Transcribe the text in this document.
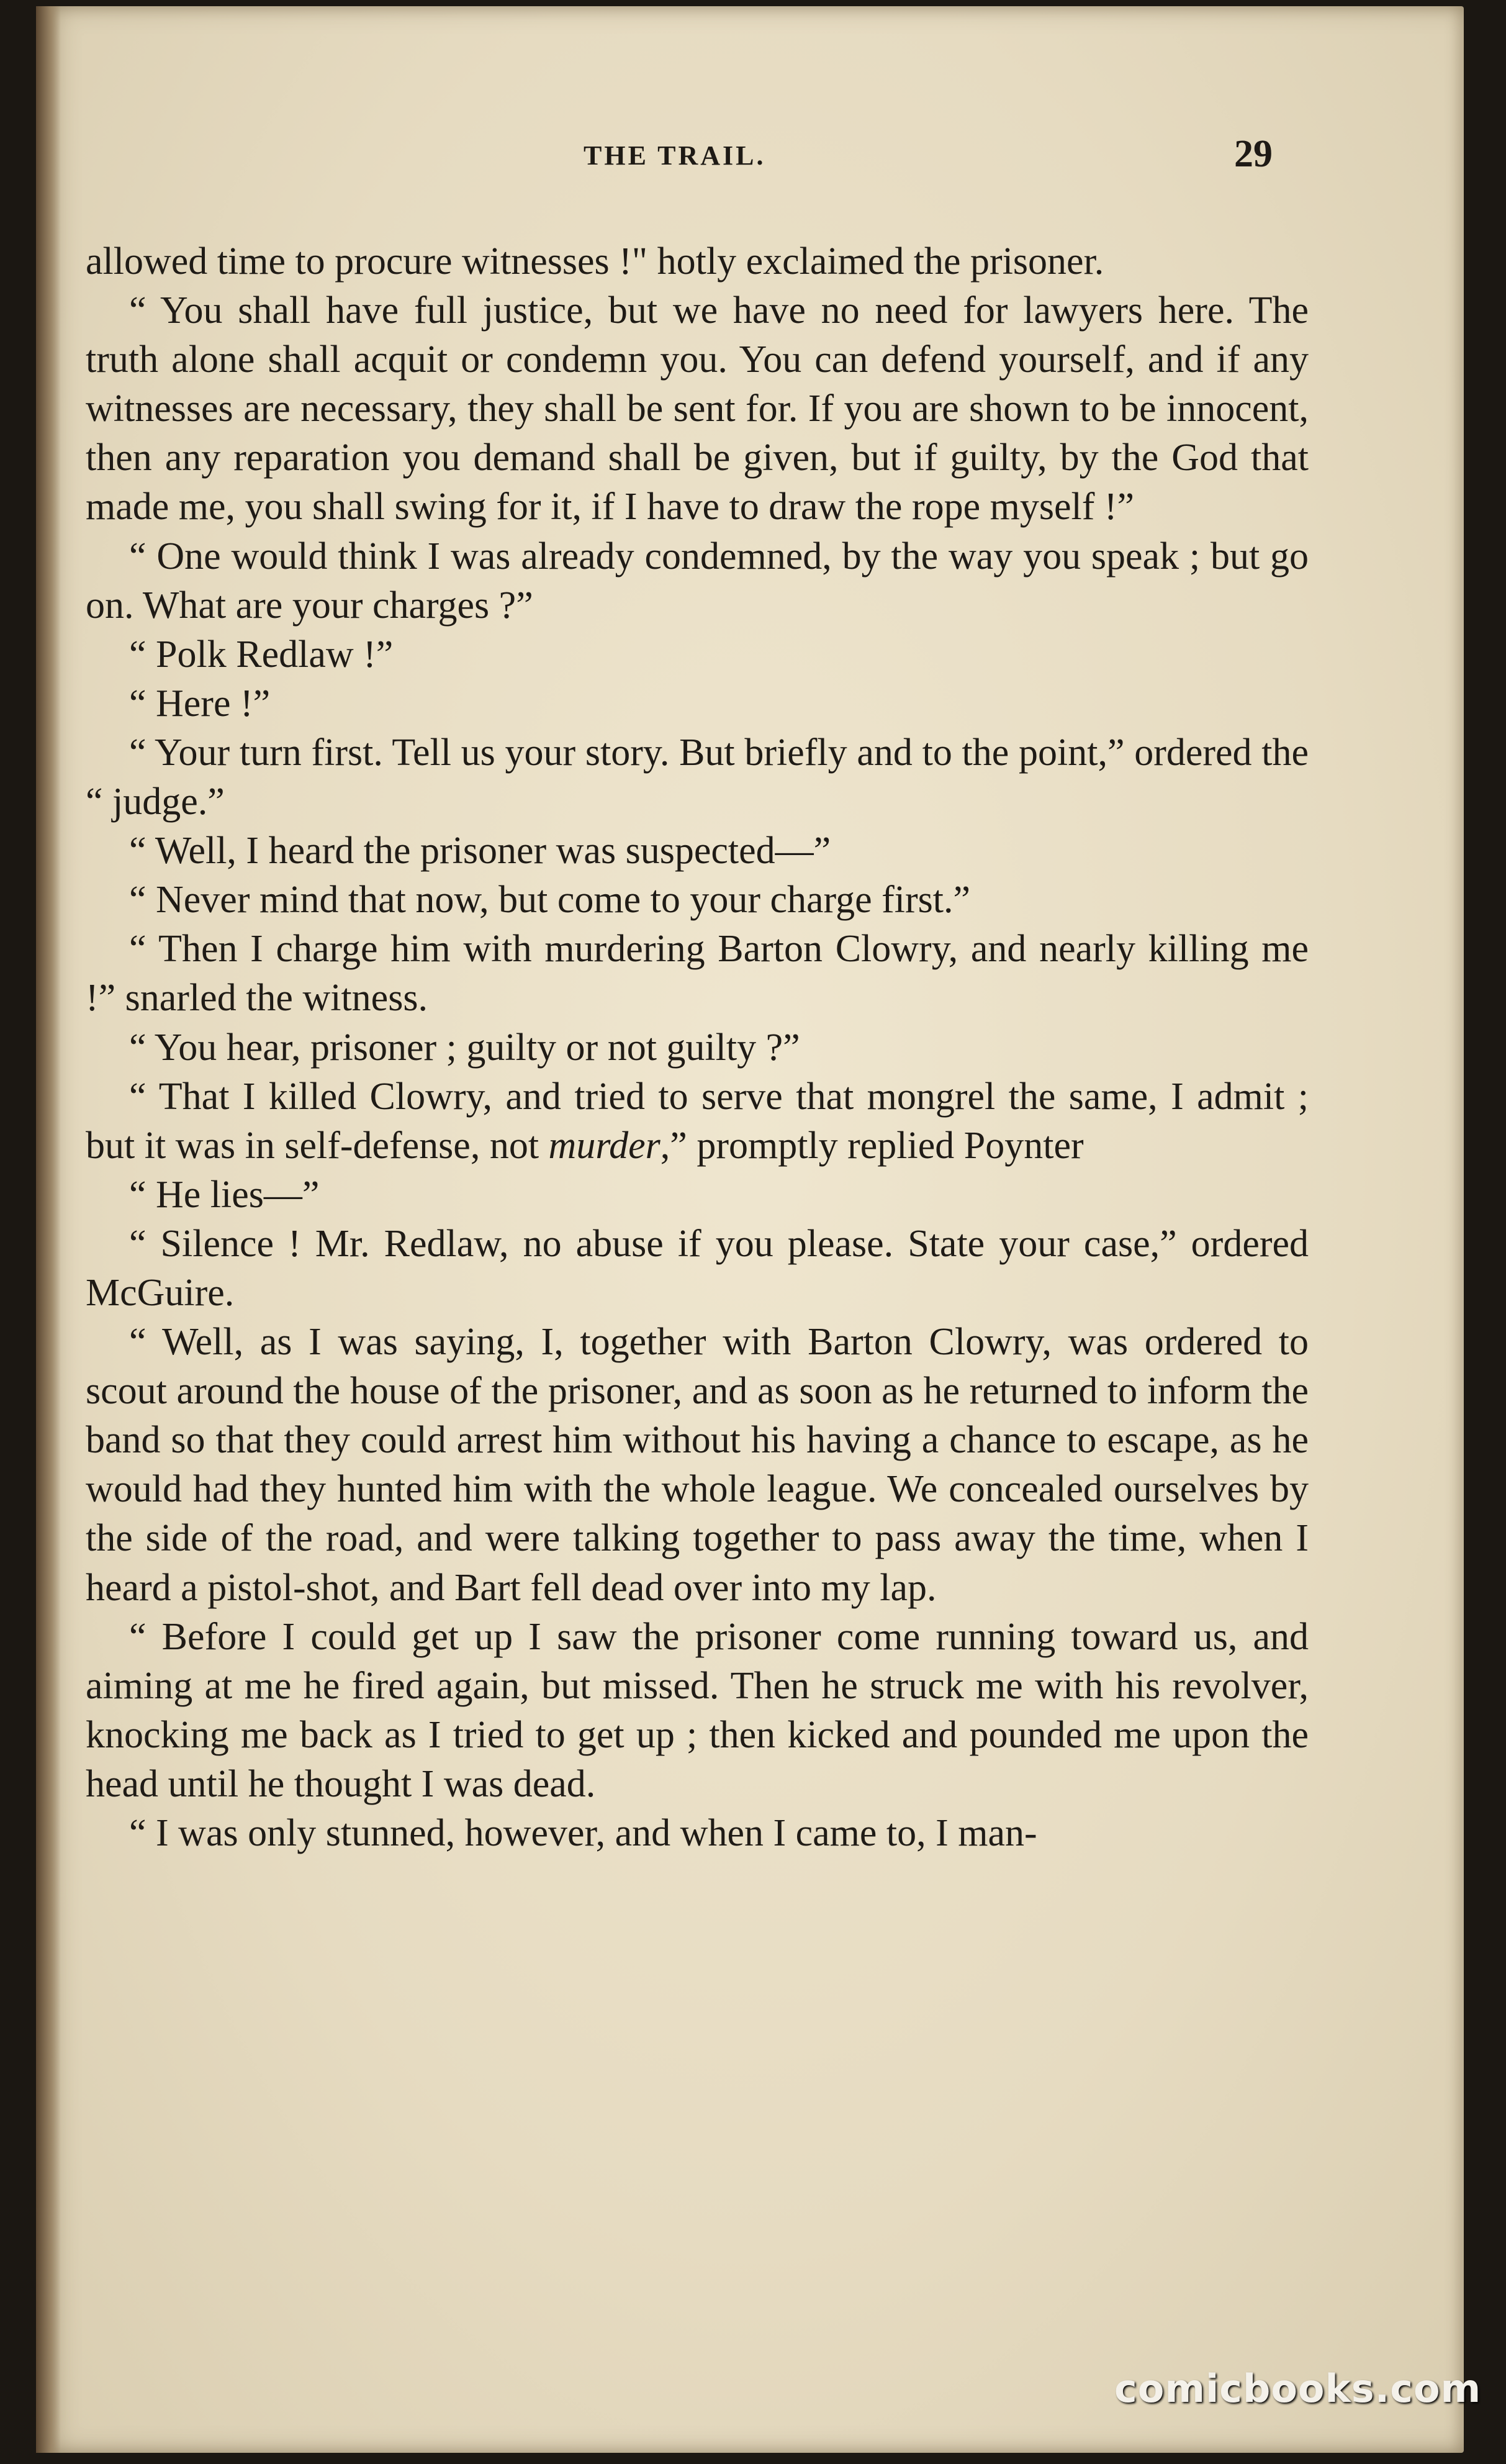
THE TRAIL.	29

allowed time to procure witnesses !" hotly exclaimed the prisoner.

“ You shall have full justice, but we have no need for lawyers here. The truth alone shall acquit or condemn you. You can defend yourself, and if any witnesses are necessary, they shall be sent for. If you are shown to be innocent, then any reparation you demand shall be given, but if guilty, by the God that made me, you shall swing for it, if I have to draw the rope myself !”

“ One would think I was already condemned, by the way you speak ; but go on. What are your charges ?”

“ Polk Redlaw !”

“ Here !”

“ Your turn first. Tell us your story. But briefly and to the point,” ordered the “ judge.”

“ Well, I heard the prisoner was suspected—”

“ Never mind that now, but come to your charge first.”

“ Then I charge him with murdering Barton Clowry, and nearly killing me !” snarled the witness.

“ You hear, prisoner ; guilty or not guilty ?”

“ That I killed Clowry, and tried to serve that mongrel the same, I admit ; but it was in self-defense, not murder,” promptly replied Poynter

“ He lies—”

“ Silence ! Mr. Redlaw, no abuse if you please. State your case,” ordered McGuire.

“ Well, as I was saying, I, together with Barton Clowry, was ordered to scout around the house of the prisoner, and as soon as he returned to inform the band so that they could arrest him without his having a chance to escape, as he would had they hunted him with the whole league. We concealed ourselves by the side of the road, and were talking together to pass away the time, when I heard a pistol-shot, and Bart fell dead over into my lap.

“ Before I could get up I saw the prisoner come running toward us, and aiming at me he fired again, but missed. Then he struck me with his revolver, knocking me back as I tried to get up ; then kicked and pounded me upon the head until he thought I was dead.

“ I was only stunned, however, and when I came to, I man-

comicbooks.com
